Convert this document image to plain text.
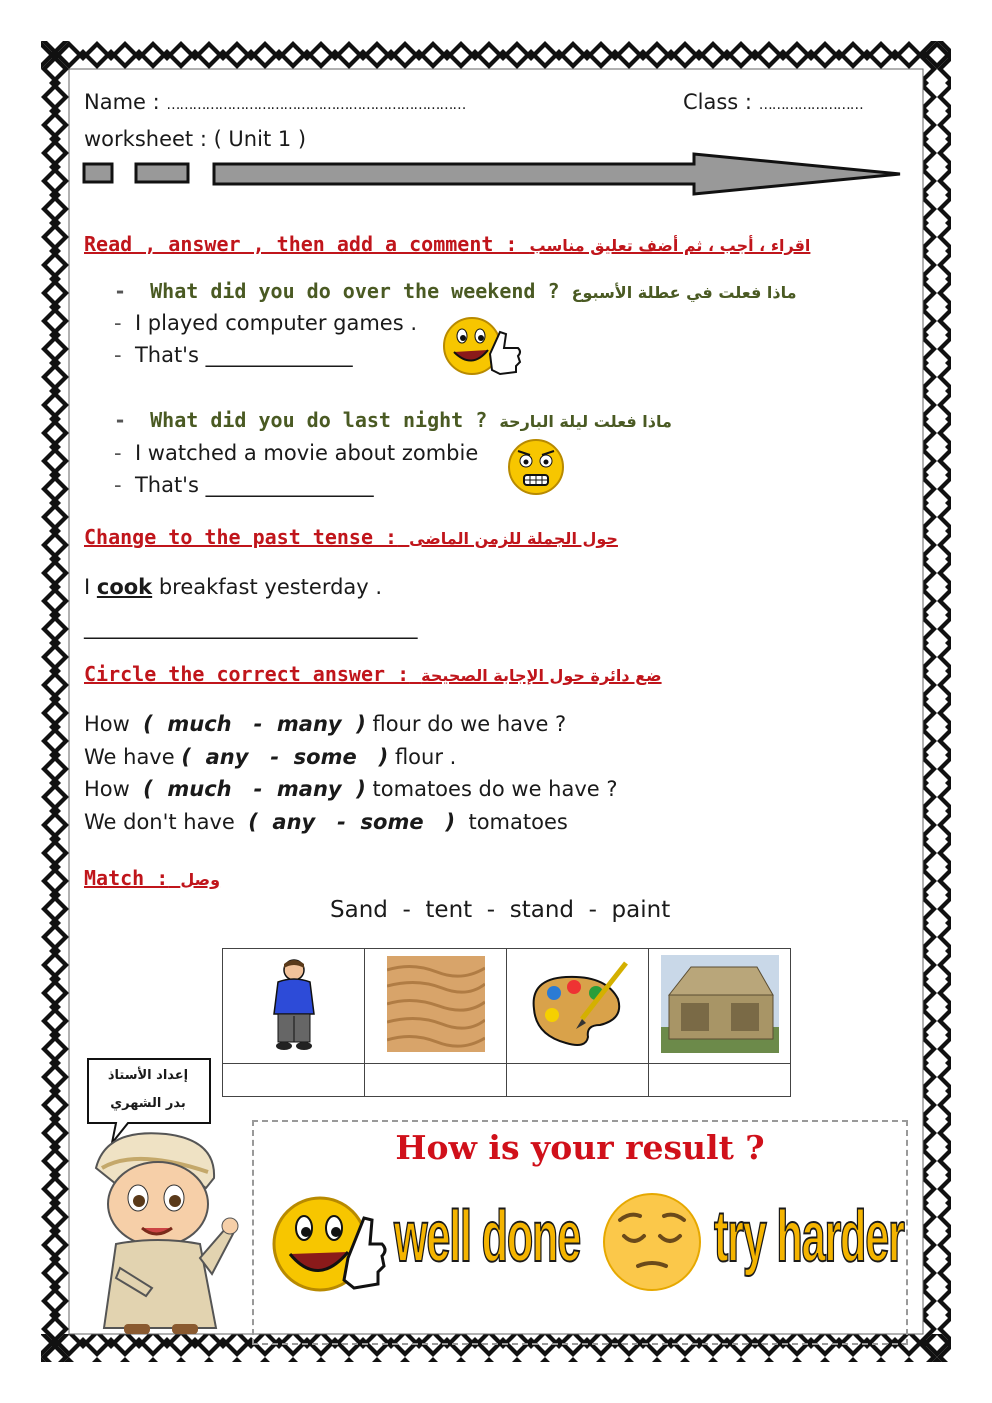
Name : ……………………………………………………………	Class : ……………………
worksheet : ( Unit 1 )
Read , answer , then add a comment : اقراء ، أجب ، ثم أضف تعليق مناسب
-  What did you do over the weekend ? ماذا فعلت في عطلة الأسبوع
-  I played computer games .
-  That's ______________
-  What did you do last night ? ماذا فعلت ليلة البارحة
-  I watched a movie about zombie
-  That's ________________
Change to the past tense : حول الجملة للزمن الماضى
I cook breakfast yesterday .
___________________________________
Circle the correct answer : ضع دائرة حول الإجابة الصحيحة
How  (  much   -  many  ) flour do we have ?
We have (  any   -  some   ) flour .
How  (  much   -  many  ) tomatoes do we have ?
We don't have  (  any   -  some   )  tomatoes
Match : وصل
Sand  -  tent  -  stand  -  paint

إعداد الأستاذ
بدر الشهري
How is your result ?
well done try harder
